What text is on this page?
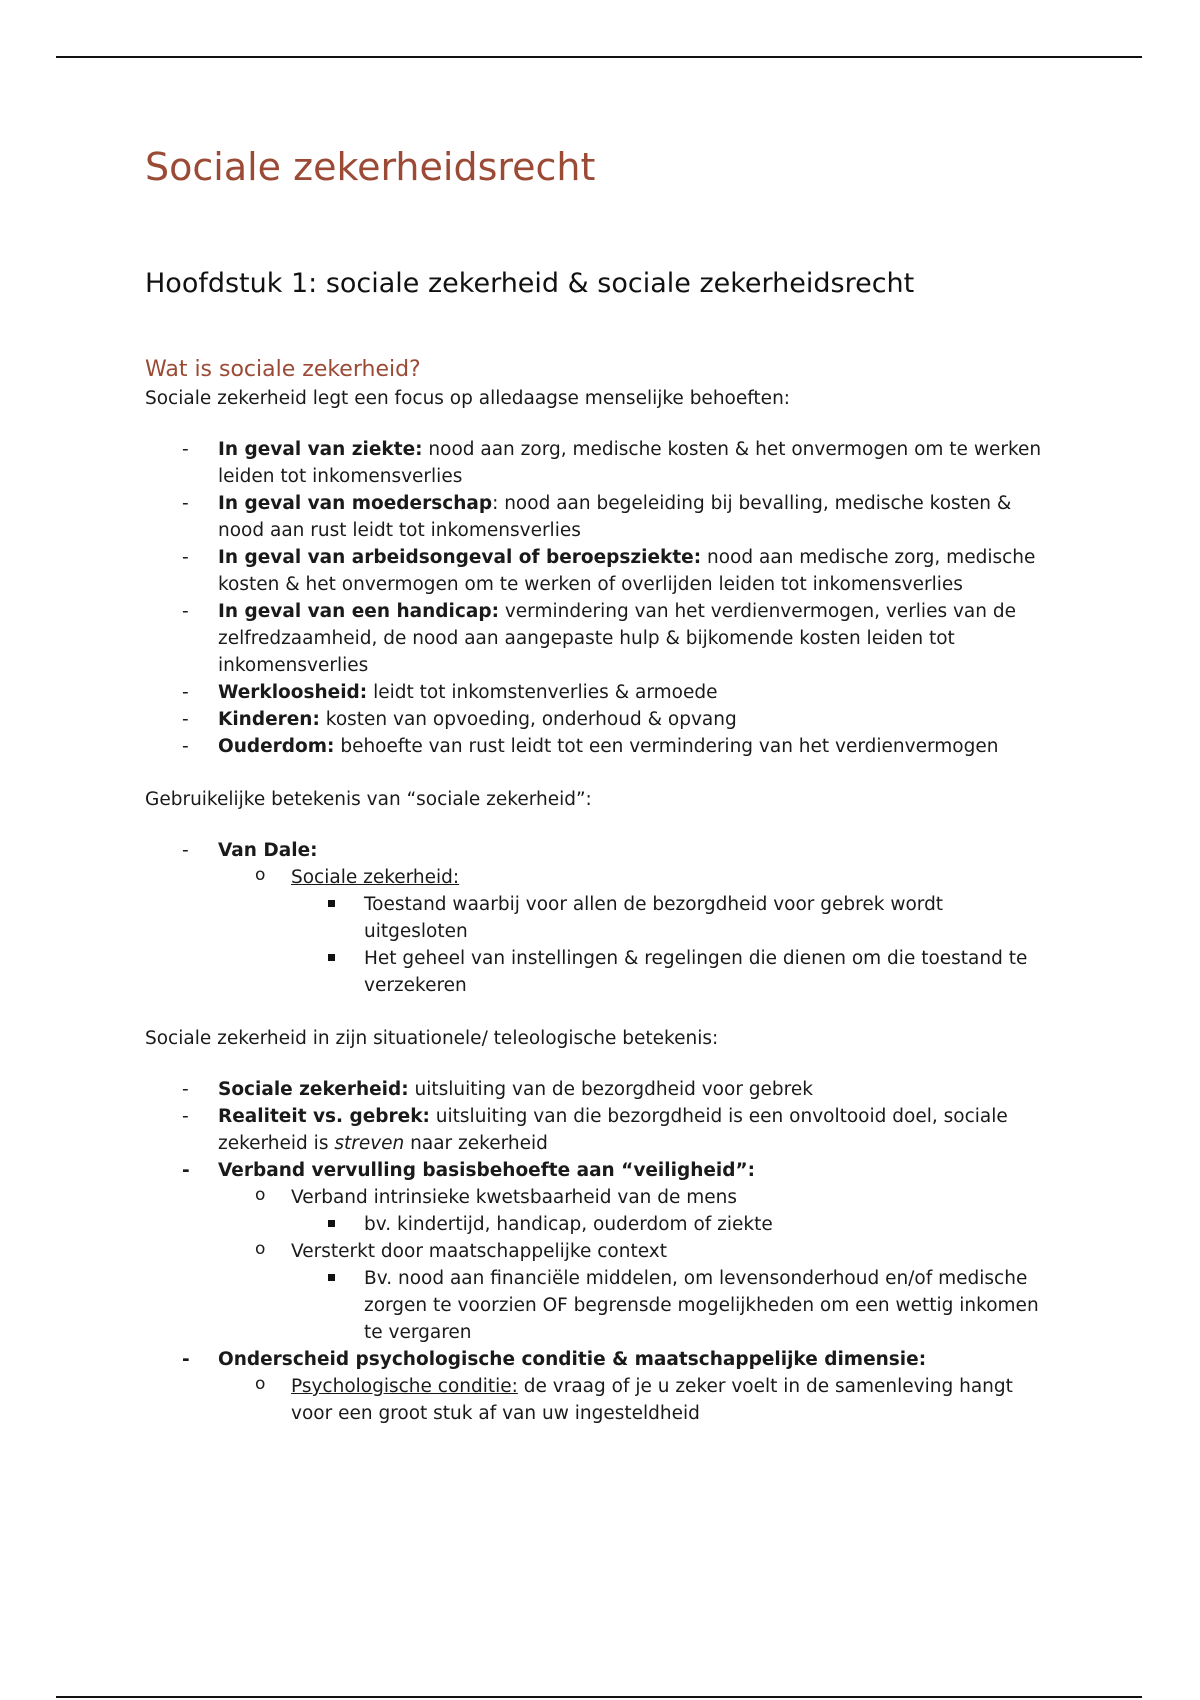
Sociale zekerheidsrecht
Hoofdstuk 1: sociale zekerheid & sociale zekerheidsrecht
Wat is sociale zekerheid?

Sociale zekerheid legt een focus op alledaagse menselijke behoeften:

-	In geval van ziekte: nood aan zorg, medische kosten & het onvermogen om te werken leiden tot inkomensverlies
-	In geval van moederschap: nood aan begeleiding bij bevalling, medische kosten & nood aan rust leidt tot inkomensverlies
-	In geval van arbeidsongeval of beroepsziekte: nood aan medische zorg, medische kosten & het onvermogen om te werken of overlijden leiden tot inkomensverlies
-	In geval van een handicap: vermindering van het verdienvermogen, verlies van de zelfredzaamheid, de nood aan aangepaste hulp & bijkomende kosten leiden tot inkomensverlies
-	Werkloosheid: leidt tot inkomstenverlies & armoede
-	Kinderen: kosten van opvoeding, onderhoud & opvang
-	Ouderdom: behoefte van rust leidt tot een vermindering van het verdienvermogen

Gebruikelijke betekenis van “sociale zekerheid”:

-	Van Dale:
o Sociale zekerheid:
Toestand waarbij voor allen de bezorgdheid voor gebrek wordt uitgesloten
Het geheel van instellingen & regelingen die dienen om die toestand te verzekeren

Sociale zekerheid in zijn situationele/ teleologische betekenis:

-	Sociale zekerheid: uitsluiting van de bezorgdheid voor gebrek
-	Realiteit vs. gebrek: uitsluiting van die bezorgdheid is een onvoltooid doel, sociale zekerheid is streven naar zekerheid
-	Verband vervulling basisbehoefte aan “veiligheid”:
o Verband intrinsieke kwetsbaarheid van de mens
bv. kindertijd, handicap, ouderdom of ziekte
o Versterkt door maatschappelijke context
Bv. nood aan financiële middelen, om levensonderhoud en/of medische zorgen te voorzien OF begrensde mogelijkheden om een wettig inkomen te vergaren
-	Onderscheid psychologische conditie & maatschappelijke dimensie:
o Psychologische conditie: de vraag of je u zeker voelt in de samenleving hangt voor een groot stuk af van uw ingesteldheid
